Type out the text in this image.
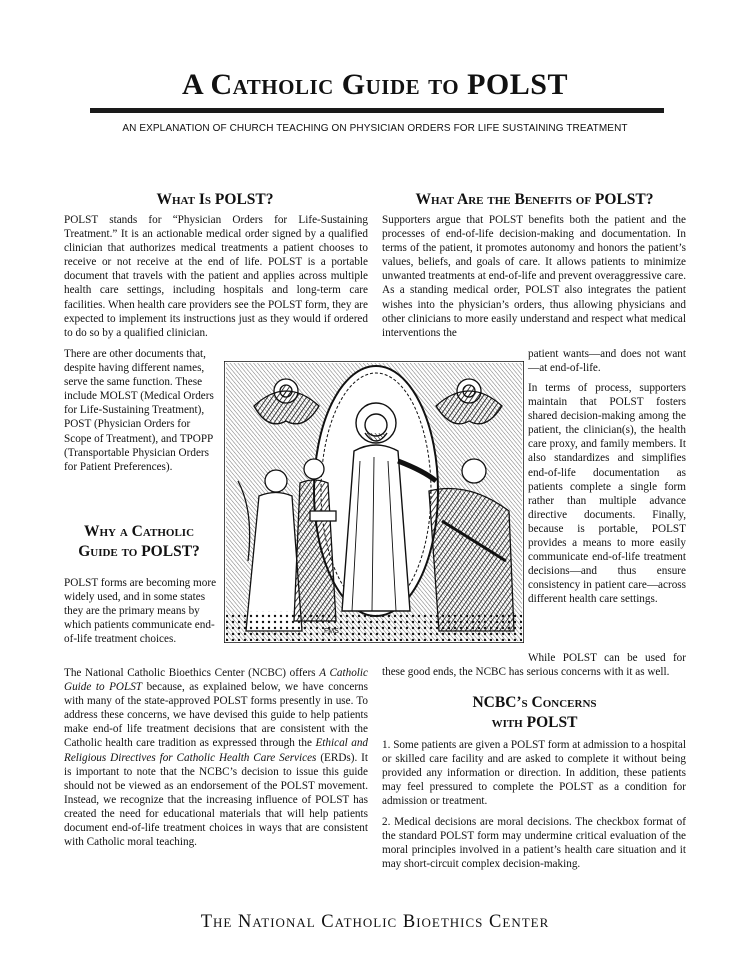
A Catholic Guide to POLST
AN EXPLANATION OF CHURCH TEACHING ON PHYSICIAN ORDERS FOR LIFE SUSTAINING TREATMENT
What Is POLST?

POLST stands for “Physician Orders for Life-Sustaining Treatment.” It is an actionable medical order signed by a qualified clinician that authorizes medical treatments a patient chooses to receive or not receive at the end of life. POLST is a portable document that travels with the patient and applies across multiple health care settings, including hospitals and long-term care facilities. When health care providers see the POLST form, they are expected to implement its instructions just as they would if ordered to do so by a qualified clinician.

There are other documents that, despite having different names, serve the same function. These include MOLST (Medical Orders for Life-Sustaining Treatment), POST (Physician Orders for Scope of Treatment), and TPOPP (Transportable Physician Orders for Patient Preferences).

Why a Catholic
Guide to POLST?

POLST forms are becoming more widely used, and in some states they are the primary means by which patients communicate end-of-life treatment choices.

The National Catholic Bioethics Center (NCBC) offers A Catholic Guide to POLST because, as explained below, we have concerns with many of the state-approved POLST forms presently in use. To address these concerns, we have devised this guide to help patients make end-of life treatment decisions that are consistent with the Catholic health care tradition as expressed through the Ethical and Religious Directives for Catholic Health Care Services (ERDs). It is important to note that the NCBC’s decision to issue this guide should not be viewed as an endorsement of the POLST movement. Instead, we recognize that the increasing influence of POLST has created the need for educational materials that will help patients document end-of-life treatment choices in ways that are consistent with Catholic moral teaching.

What Are the Benefits of POLST?

Supporters argue that POLST benefits both the patient and the processes of end-of-life decision-making and documentation. In terms of the patient, it promotes autonomy and honors the patient’s values, beliefs, and goals of care. It allows patients to minimize unwanted treatments at end-of-life and prevent overaggressive care. As a standing medical order, POLST also integrates the patient wishes into the physician’s orders, thus allowing physicians and other clinicians to more easily understand and respect what medical interventions the

patient wants—and does not want—at end-of-life.

In terms of process, supporters maintain that POLST fosters shared decision-making among the patient, the clinician(s), the health care proxy, and family members. It also standardizes and simplifies end-of-life documentation as patients complete a single form rather than multiple advance directive documents. Finally, because is portable, POLST provides a means to more easily communicate end-of-life treatment decisions—and thus ensure consistency in patient care—across different health care settings.

While POLST can be used for these good ends, the NCBC has serious concerns with it as well.

NCBC’s Concerns
with POLST

1. Some patients are given a POLST form at admission to a hospital or skilled care facility and are asked to complete it without being provided any information or direction. In addition, these patients may feel pressured to complete the POLST as a condition for admission or treatment.

2. Medical decisions are moral decisions. The checkbox format of the standard POLST form may undermine critical evaluation of the moral principles involved in a patient’s health care situation and it may short-circuit complex decision-making.

FMS
The National Catholic Bioethics Center
